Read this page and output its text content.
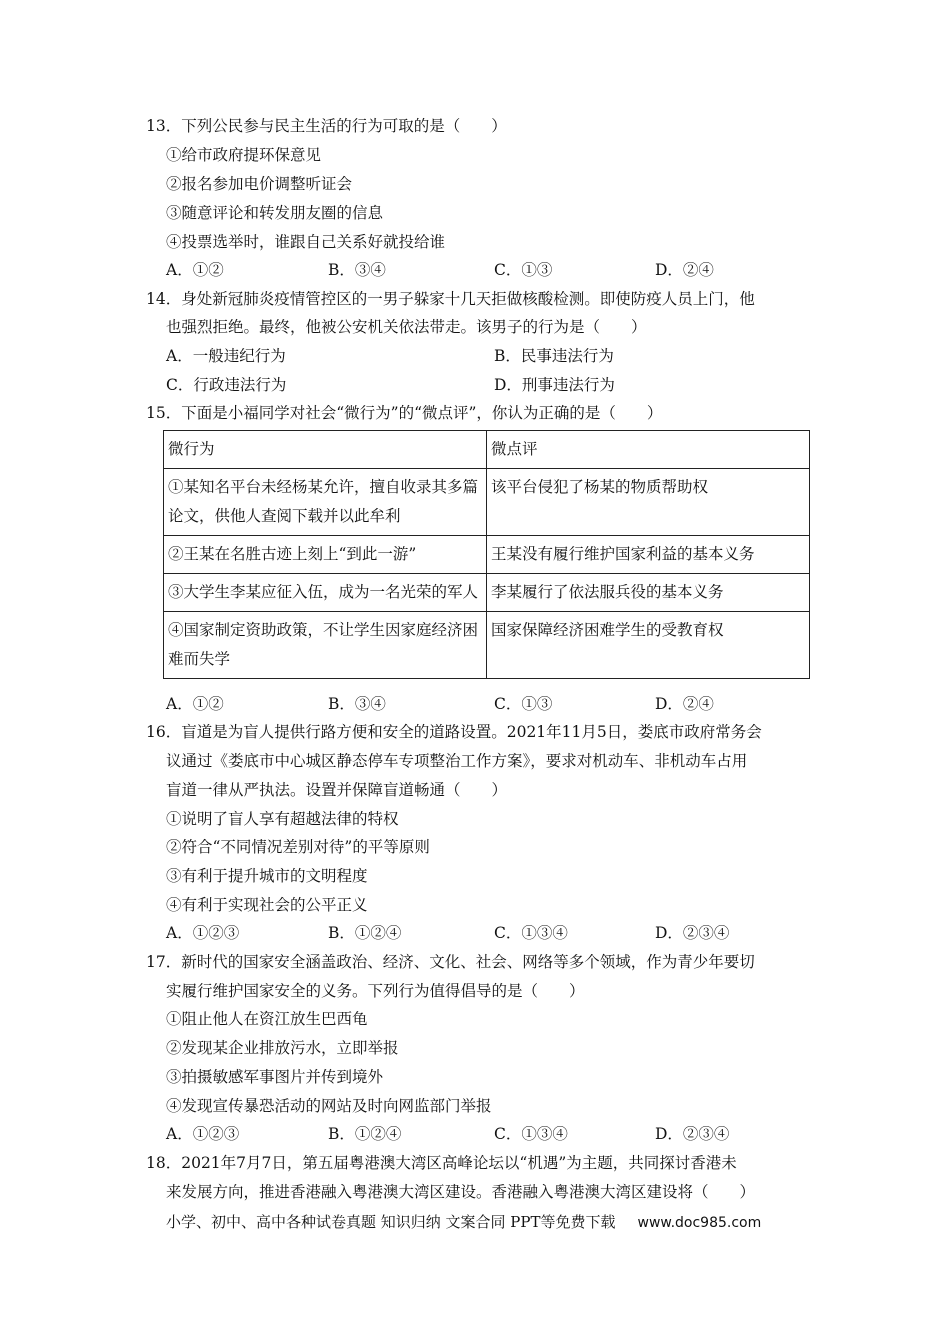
13．下列公民参与民主生活的行为可取的是（　　）
①给市政府提环保意见
②报名参加电价调整听证会
③随意评论和转发朋友圈的信息
④投票选举时，谁跟自己关系好就投给谁
A．①②	B．③④	C．①③	D．②④
14．身处新冠肺炎疫情管控区的一男子躲家十几天拒做核酸检测。即使防疫人员上门，他
也强烈拒绝。最终，他被公安机关依法带走。该男子的行为是（　　）
A．一般违纪行为	B．民事违法行为
C．行政违法行为	D．刑事违法行为
15．下面是小福同学对社会“微行为”的“微点评”，你认为正确的是（　　）
微行为	微点评
①某知名平台未经杨某允许，擅自收录其多篇论文，供他人查阅下载并以此牟利	该平台侵犯了杨某的物质帮助权
②王某在名胜古迹上刻上“到此一游”	王某没有履行维护国家利益的基本义务
③大学生李某应征入伍，成为一名光荣的军人	李某履行了依法服兵役的基本义务
④国家制定资助政策，不让学生因家庭经济困难而失学	国家保障经济困难学生的受教育权
A．①②	B．③④	C．①③	D．②④
16．盲道是为盲人提供行路方便和安全的道路设置。2021年11月5日，娄底市政府常务会
议通过《娄底市中心城区静态停车专项整治工作方案》，要求对机动车、非机动车占用
盲道一律从严执法。设置并保障盲道畅通（　　）
①说明了盲人享有超越法律的特权
②符合“不同情况差别对待”的平等原则
③有利于提升城市的文明程度
④有利于实现社会的公平正义
A．①②③	B．①②④	C．①③④	D．②③④
17．新时代的国家安全涵盖政治、经济、文化、社会、网络等多个领域，作为青少年要切
实履行维护国家安全的义务。下列行为值得倡导的是（　　）
①阻止他人在资江放生巴西龟
②发现某企业排放污水，立即举报
③拍摄敏感军事图片并传到境外
④发现宣传暴恐活动的网站及时向网监部门举报
A．①②③	B．①②④	C．①③④	D．②③④
18．2021年7月7日，第五届粤港澳大湾区高峰论坛以“机遇”为主题，共同探讨香港未
来发展方向，推进香港融入粤港澳大湾区建设。香港融入粤港澳大湾区建设将（　　）
小学、初中、高中各种试卷真题 知识归纳 文案合同 PPT等免费下载 www.doc985.com
